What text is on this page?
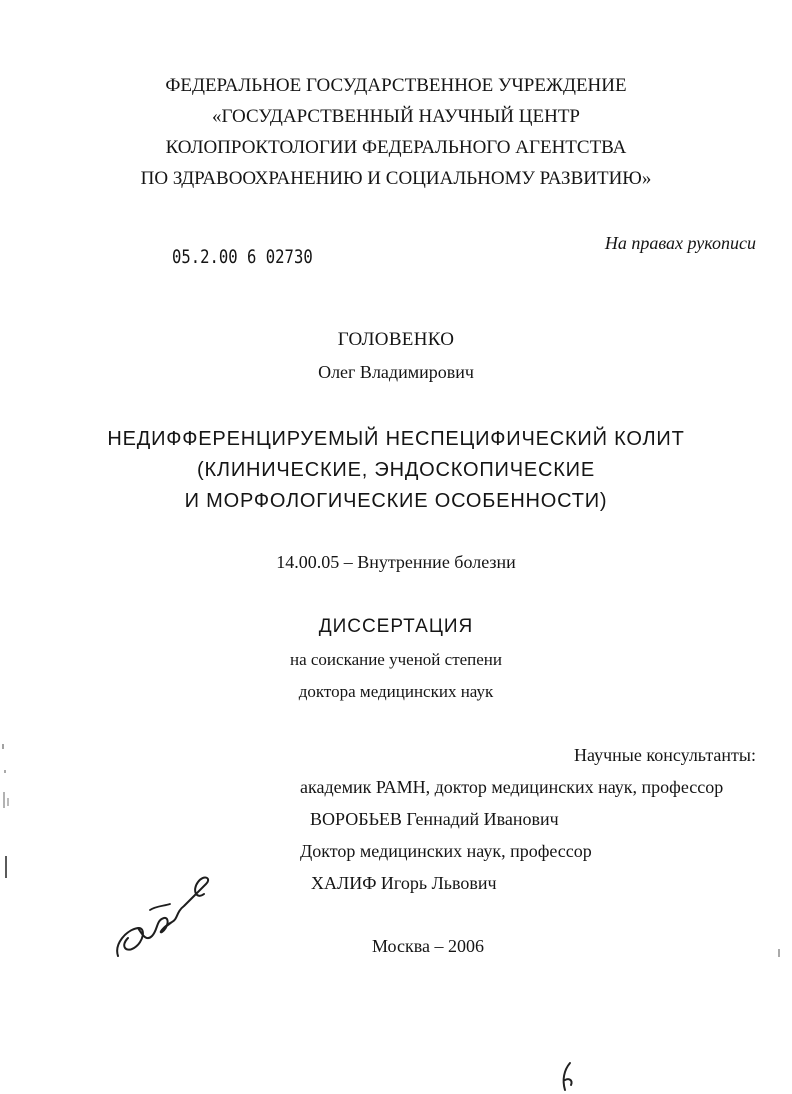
ФЕДЕРАЛЬНОЕ ГОСУДАРСТВЕННОЕ УЧРЕЖДЕНИЕ
«ГОСУДАРСТВЕННЫЙ НАУЧНЫЙ ЦЕНТР
КОЛОПРОКТОЛОГИИ ФЕДЕРАЛЬНОГО АГЕНТСТВА
ПО ЗДРАВООХРАНЕНИЮ И СОЦИАЛЬНОМУ РАЗВИТИЮ»
05.2.00 6 02730
На правах рукописи
ГОЛОВЕНКО
Олег Владимирович
НЕДИФФЕРЕНЦИРУЕМЫЙ НЕСПЕЦИФИЧЕСКИЙ КОЛИТ
(КЛИНИЧЕСКИЕ, ЭНДОСКОПИЧЕСКИЕ
И МОРФОЛОГИЧЕСКИЕ ОСОБЕННОСТИ)
14.00.05 – Внутренние болезни
ДИССЕРТАЦИЯ
на соискание ученой степени
доктора медицинских наук
Научные консультанты:
академик РАМН, доктор медицинских наук, профессор
ВОРОБЬЕВ Геннадий Иванович
Доктор медицинских наук, профессор
ХАЛИФ Игорь Львович
Москва – 2006
